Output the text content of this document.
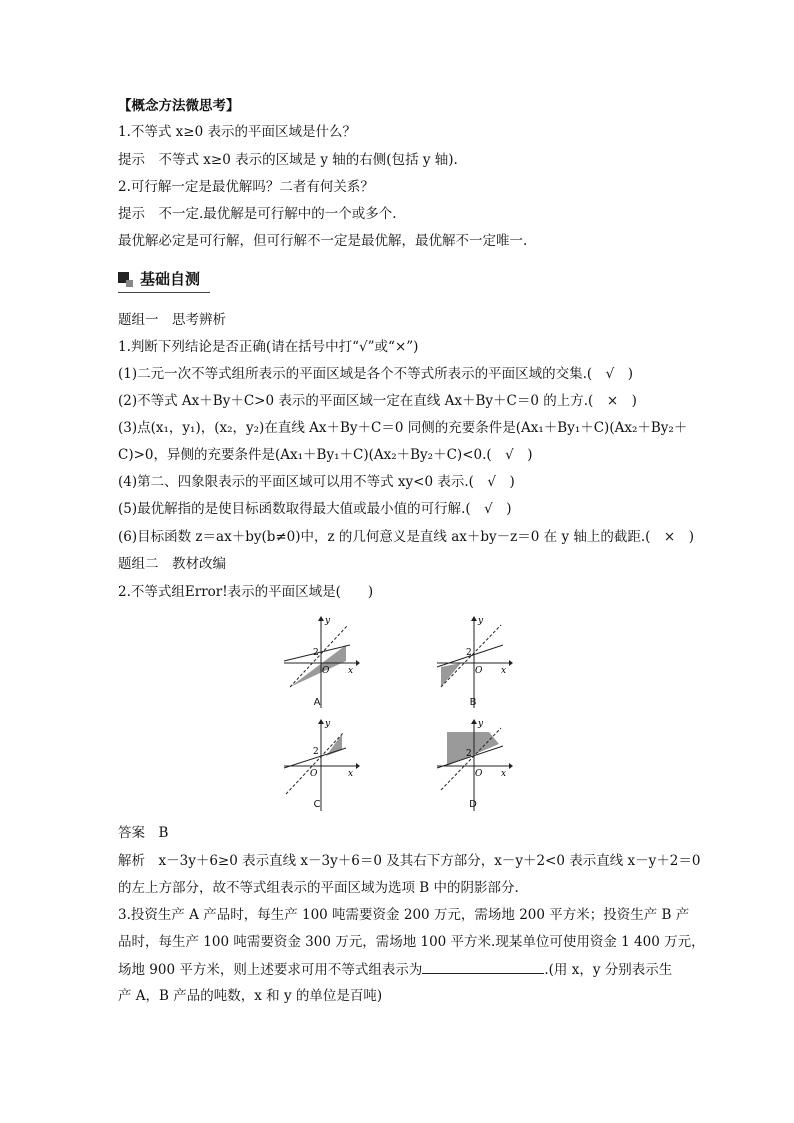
【概念方法微思考】
1.不等式 x≥0 表示的平面区域是什么？
提示　不等式 x≥0 表示的区域是 y 轴的右侧(包括 y 轴).
2.可行解一定是最优解吗？二者有何关系？
提示　不一定.最优解是可行解中的一个或多个.
最优解必定是可行解，但可行解不一定是最优解，最优解不一定唯一.
基础自测
题组一　思考辨析
1.判断下列结论是否正确(请在括号中打“√”或“×”)
(1)二元一次不等式组所表示的平面区域是各个不等式所表示的平面区域的交集.(　√　)
(2)不等式 Ax＋By＋C>0 表示的平面区域一定在直线 Ax＋By＋C＝0 的上方.(　×　)
(3)点(x₁，y₁)，(x₂，y₂)在直线 Ax＋By＋C＝0 同侧的充要条件是(Ax₁＋By₁＋C)(Ax₂＋By₂＋
C)>0，异侧的充要条件是(Ax₁＋By₁＋C)(Ax₂＋By₂＋C)<0.(　√　)
(4)第二、四象限表示的平面区域可以用不等式 xy<0 表示.(　√　)
(5)最优解指的是使目标函数取得最大值或最小值的可行解.(　√　)
(6)目标函数 z＝ax＋by(b≠0)中，z 的几何意义是直线 ax＋by－z＝0 在 y 轴上的截距.(　×　)
题组二　教材改编
2.不等式组Error!表示的平面区域是(　　)
y
x
2
O
A
y
x
2
O
B
y
x
2
O
C
y
x
2
O
D
答案　B
解析　x－3y＋6≥0 表示直线 x－3y＋6＝0 及其右下方部分，x－y＋2<0 表示直线 x－y＋2＝0
的左上方部分，故不等式组表示的平面区域为选项 B 中的阴影部分.
3.投资生产 A 产品时，每生产 100 吨需要资金 200 万元，需场地 200 平方米；投资生产 B 产
品时，每生产 100 吨需要资金 300 万元，需场地 100 平方米.现某单位可使用资金 1 400 万元，
场地 900 平方米，则上述要求可用不等式组表示为	.(用 x，y 分别表示生
产 A，B 产品的吨数，x 和 y 的单位是百吨)
